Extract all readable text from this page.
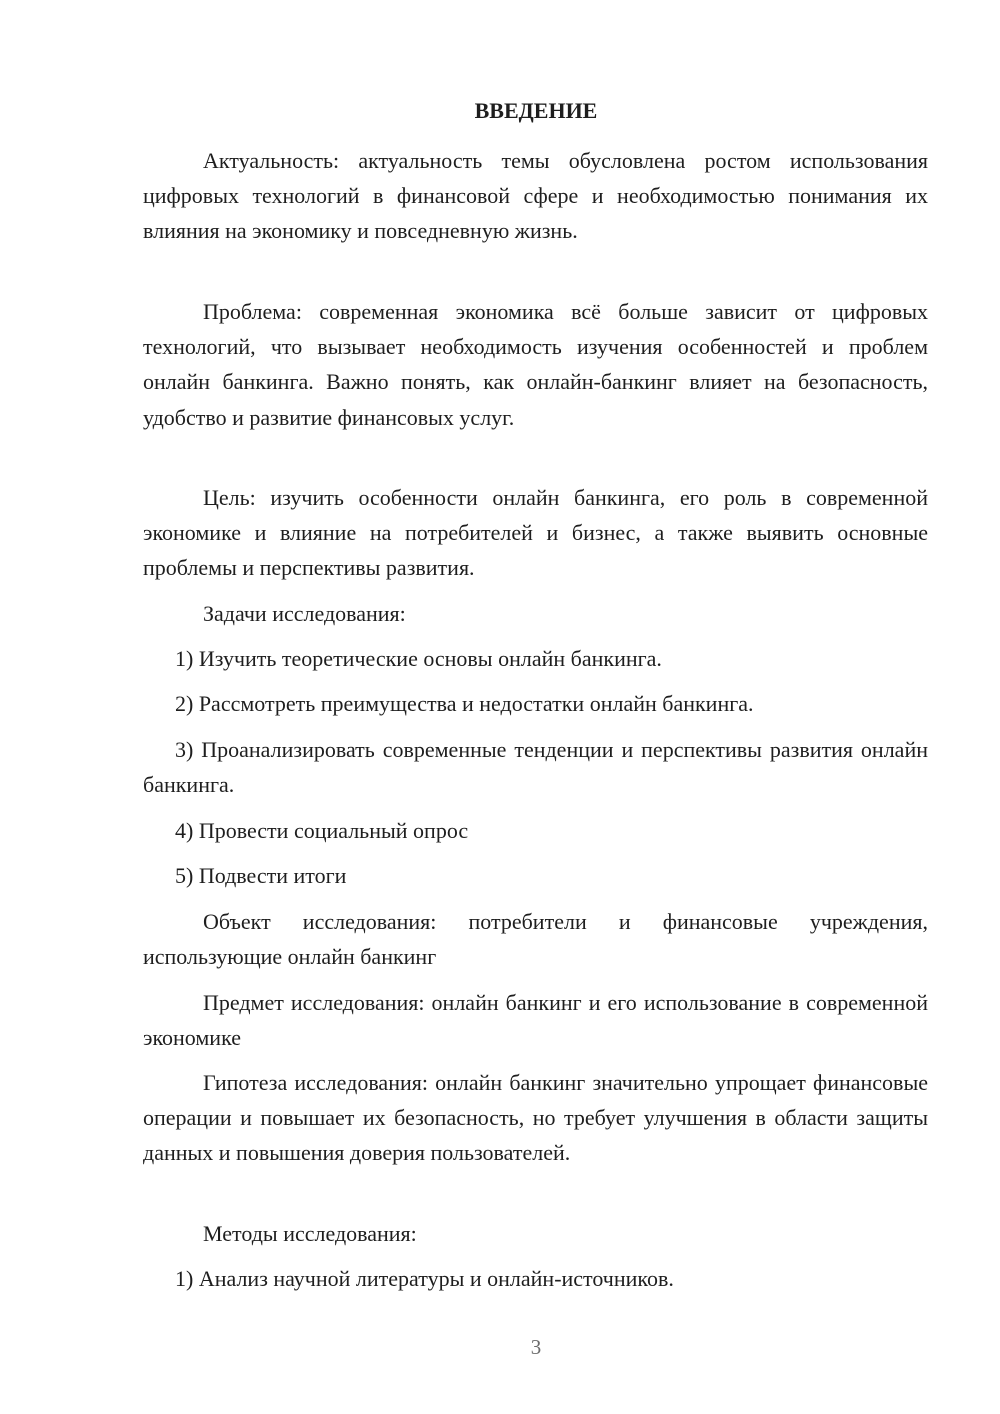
ВВЕДЕНИЕ

Актуальность: актуальность темы обусловлена ростом использования цифровых технологий в финансовой сфере и необходимостью понимания их влияния на экономику и повседневную жизнь.

Проблема: современная экономика всё больше зависит от цифровых технологий, что вызывает необходимость изучения особенностей и проблем онлайн банкинга. Важно понять, как онлайн-банкинг влияет на безопасность, удобство и развитие финансовых услуг.

Цель: изучить особенности онлайн банкинга, его роль в современной экономике и влияние на потребителей и бизнес, а также выявить основные проблемы и перспективы развития.

Задачи исследования:

1) Изучить теоретические основы онлайн банкинга.

2) Рассмотреть преимущества и недостатки онлайн банкинга.

3) Проанализировать современные тенденции и перспективы развития онлайн банкинга.

4) Провести социальный опрос

5) Подвести итоги

Объект исследования: потребители и финансовые учреждения, использующие онлайн банкинг

Предмет исследования: онлайн банкинг и его использование в современной экономике

Гипотеза исследования: онлайн банкинг значительно упрощает финансовые операции и повышает их безопасность, но требует улучшения в области защиты данных и повышения доверия пользователей.

Методы исследования:

1) Анализ научной литературы и онлайн-источников.

3
